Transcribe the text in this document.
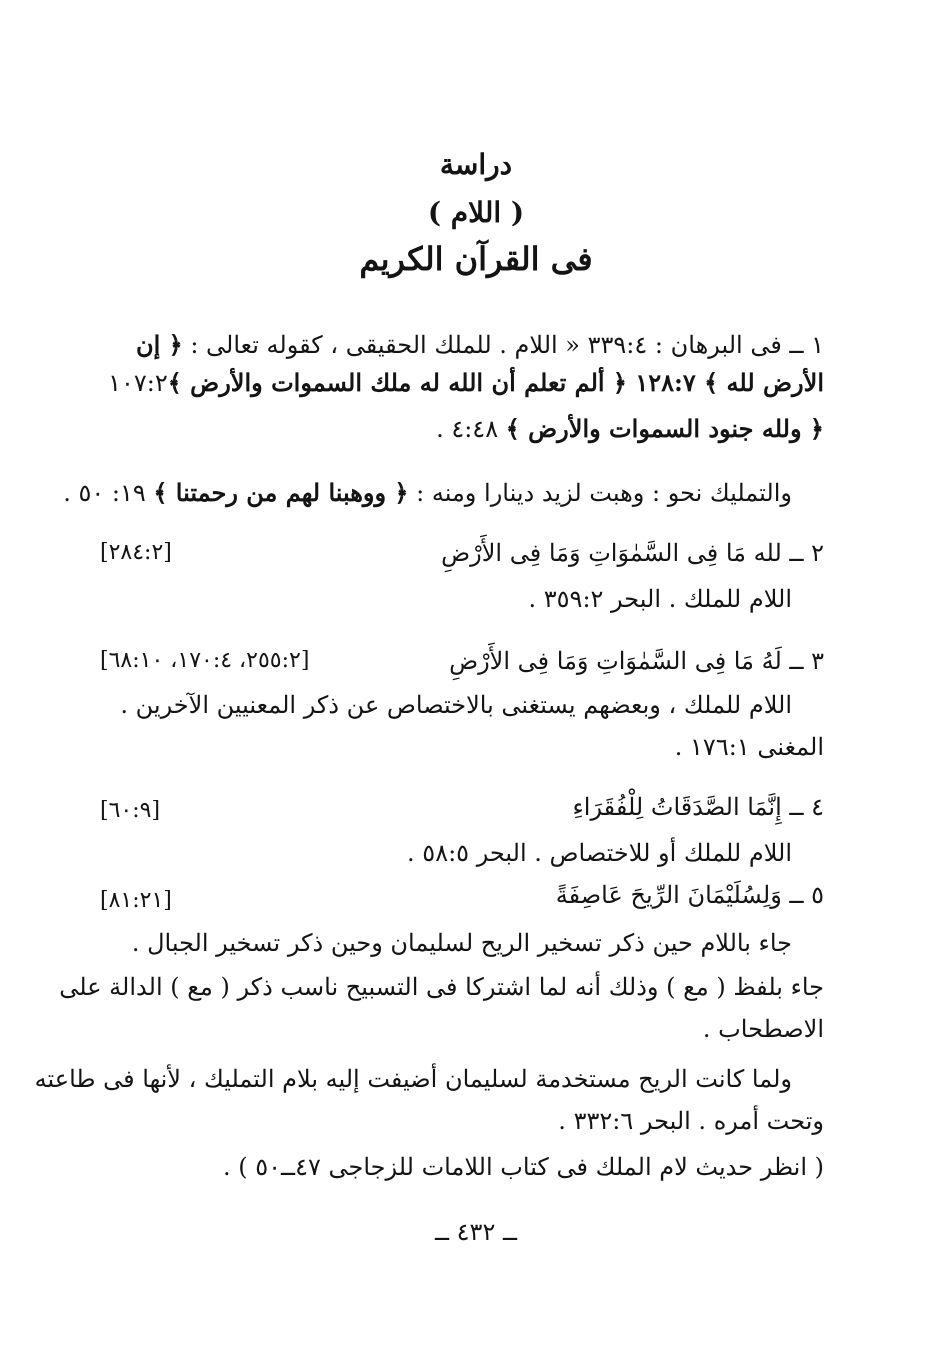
دراسة
( اللام )
فى القرآن الكريم
١ ــ فى البرهان : ٣٣٩:٤ « اللام . للملك الحقيقى ، كقوله تعالى : ﴿ إن
الأرض لله ﴾ ١٢٨:٧ ﴿ ألم تعلم أن الله له ملك السموات والأرض ﴾١٠٧:٢
﴿ ولله جنود السموات والأرض ﴾ ٤:٤٨ .
والتمليك نحو : وهبت لزيد دينارا ومنه : ﴿ ووهبنا لهم من رحمتنا ﴾ ١٩: ٥٠ .
٢ ــ لله مَا فِى السَّمٰوَاتِ وَمَا فِى الأَرْضِ
[٢٨٤:٢]
اللام للملك . البحر ٣٥٩:٢ .
٣ ــ لَهُ مَا فِى السَّمٰوَاتِ وَمَا فِى الأَرْضِ
[٢٥٥:٢، ١٧٠:٤، ٦٨:١٠]
اللام للملك ، وبعضهم يستغنى بالاختصاص عن ذكر المعنيين الآخرين .
المغنى ١٧٦:١ .
٤ ــ إِنَّمَا الصَّدَقَاتُ لِلْفُقَرَاءِ
[٦٠:٩]
اللام للملك أو للاختصاص . البحر ٥٨:٥ .
٥ ــ وَلِسُلَيْمَانَ الرِّيحَ عَاصِفَةً
[٨١:٢١]
جاء باللام حين ذكر تسخير الريح لسليمان وحين ذكر تسخير الجبال .
جاء بلفظ ( مع ) وذلك أنه لما اشتركا فى التسبيح ناسب ذكر ( مع ) الدالة على
الاصطحاب .
ولما كانت الريح مستخدمة لسليمان أضيفت إليه بلام التمليك ، لأنها فى طاعته
وتحت أمره . البحر ٣٣٢:٦ .
( انظر حديث لام الملك فى كتاب اللامات للزجاجى ٤٧ــ٥٠ ) .
ــ ٤٣٢ ــ
